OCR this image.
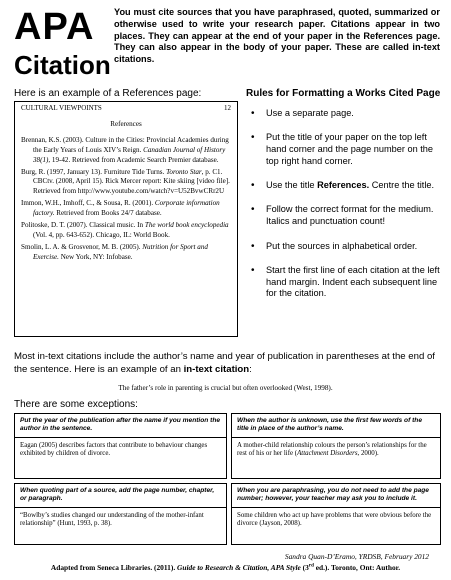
APA
Citation
You must cite sources that you have paraphrased, quoted, summarized or otherwise used to write your research paper. Citations appear in two places. They can appear at the end of your paper in the References page. They can also appear in the body of your paper. These are called in-text citations.
Here is an example of a References page:
CULTURAL VIEWPOINTS	12
References
Brennan, K.S. (2003). Culture in the Cities: Provincial Academies during the Early Years of Louis XIV’s Reign. Canadian Journal of History 38(1), 19-42. Retrieved from Academic Search Premier database.
Burg, R. (1997, January 13). Furniture Tide Turns. Toronto Star, p. C1. CBCtv. (2008, April 15). Rick Mercer report: Kite skiing [video file]. Retrieved from http://www.youtube.com/watch?v=U52BvwCRr2U
Immon, W.H., Imhoff, C., & Sousa, R. (2001). Corporate information factory. Retrieved from Books 24/7 database.
Politoske, D. T. (2007). Classical music. In The world book encyclopedia (Vol. 4, pp. 643-652). Chicago, IL: World Book.
Smolin, L. A. & Grosvenor, M. B. (2005). Nutrition for Sport and Exercise. New York, NY: Infobase.
Rules for Formatting a Works Cited Page
• Use a separate page.
• Put the title of your paper on the top left hand corner and the page number on the top right hand corner.
• Use the title References. Centre the title.
• Follow the correct format for the medium. Italics and punctuation count!
• Put the sources in alphabetical order.
• Start the first line of each citation at the left hand margin. Indent each subsequent line for the citation.
Most in-text citations include the author’s name and year of publication in parentheses at the end of the sentence. Here is an example of an in-text citation:
The father’s role in parenting is crucial but often overlooked (West, 1998).
There are some exceptions:
Put the year of the publication after the name if you mention the author in the sentence.
Eagan (2005) describes factors that contribute to behaviour changes exhibited by children of divorce.
When the author is unknown, use the first few words of the title in place of the author’s name.
A mother-child relationship colours the person’s relationships for the rest of his or her life (Attachment Disorders, 2000).
When quoting part of a source, add the page number, chapter, or paragraph.
“Bowlby’s studies changed our understanding of the mother-infant relationship” (Hunt, 1993, p. 38).
When you are paraphrasing, you do not need to add the page number; however, your teacher may ask you to include it.
Some children who act up have problems that were obvious before the divorce (Jayson, 2008).
Sandra Quan-D’Eramo, YRDSB, February 2012
Adapted from Seneca Libraries. (2011). Guide to Research & Citation, APA Style (3rd ed.). Toronto, Ont: Author.
